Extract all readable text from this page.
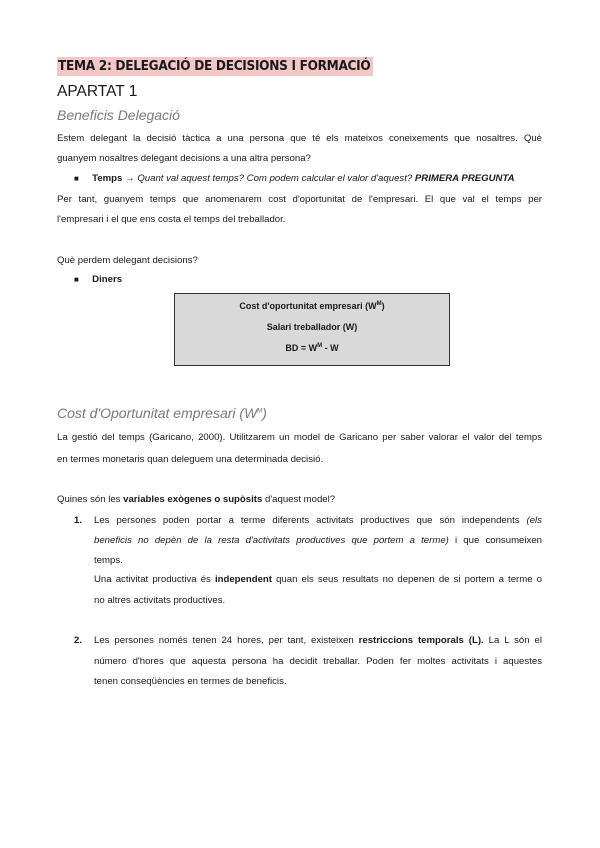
TEMA 2: DELEGACIÓ DE DECISIONS I FORMACIÓ
APARTAT 1
Beneficis Delegació
Estem delegant la decisió tàctica a una persona que té els mateixos coneixements que nosaltres. Què
guanyem nosaltres delegant decisions a una altra persona?
■ Temps → Quant val aquest temps? Com podem calcular el valor d'aquest? PRIMERA PREGUNTA
Per tant, guanyem temps que anomenarem cost d'oportunitat de l'empresari. El que val el temps per
l'empresari i el que ens costa el temps del treballador.
Què perdem delegant decisions?
■ Diners
Cost d'oportunitat empresari $(W^M)$
Salari treballador (W)
BD = $W^M$ - W
Cost d'Oportunitat empresari $(W^M)$
La gestió del temps (Garicano, 2000). Utilitzarem un model de Garicano per saber valorar el valor del temps
en termes monetaris quan deleguem una determinada decisió.
Quines són les variables exògenes o supòsits d'aquest model?
1. Les persones poden portar a terme diferents activitats productives que són independents (els
beneficis no depèn de la resta d'activitats productives que portem a terme) i que consumeixen
temps.
Una activitat productiva és independent quan els seus resultats no depenen de si portem a terme o
no altres activitats productives.
2. Les persones només tenen 24 hores, per tant, existeixen restriccions temporals (L). La L són el
número d'hores que aquesta persona ha decidit treballar. Poden fer moltes activitats i aquestes
tenen conseqüències en termes de beneficis.
